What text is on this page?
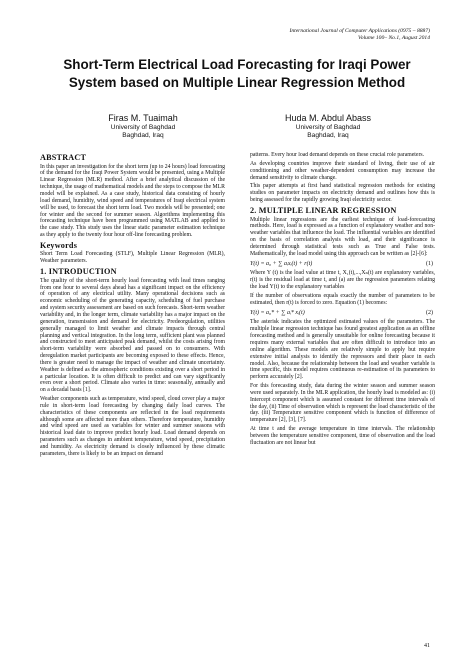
International Journal of Computer Applications (0975 – 8887)
Volume 100– No.1, August 2014
Short-Term Electrical Load Forecasting for Iraqi Power System based on Multiple Linear Regression Method
Firas M. Tuaimah
University of Baghdad
Baghdad, Iraq
Huda M. Abdul Abass
University of Baghdad
Baghdad, Iraq
ABSTRACT

In this paper an investigation for the short term (up to 24 hours) load forecasting of the demand for the Iraqi Power System would be presented, using a Multiple Linear Regression (MLR) method. After a brief analytical discussion of the technique, the usage of mathematical models and the steps to compose the MLR model will be explained. As a case study, historical data consisting of hourly load demand, humidity, wind speed and temperatures of Iraqi electrical system will be used, to forecast the short term load. Two models will be presented; one for winter and the second for summer season. Algorithms implementing this forecasting technique have been programmed using MATLAB and applied to the case study. This study uses the linear static parameter estimation technique as they apply to the twenty four hour off-line forecasting problem.

Keywords

Short Term Load Forecasting (STLF), Multiple Linear Regression (MLR), Weather parameters.

1. INTRODUCTION

The quality of the short-term hourly load forecasting with lead times ranging from one hour to several days ahead has a significant impact on the efficiency of operation of any electrical utility. Many operational decisions such as economic scheduling of the generating capacity, scheduling of fuel purchase and system security assessment are based on such forecasts. Short-term weather variability and, in the longer term, climate variability has a major impact on the generation, transmission and demand for electricity. Predeorgulation, utilities generally managed to limit weather and climate impacts through central planning and vertical integration. In the long term, sufficient plant was planned and constructed to meet anticipated peak demand, whilst the costs arising from short-term variability were absorbed and passed on to consumers. With deregulation market participants are becoming exposed to these effects. Hence, there is greater need to manage the impact of weather and climate uncertainty. Weather is defined as the atmospheric conditions existing over a short period in a particular location. It is often difficult to predict and can vary significantly even over a short period. Climate also varies in time: seasonally, annually and on a decadal basis [1].

Weather components such as temperature, wind speed, cloud cover play a major rule in short-term load forecasting by changing daily load curves. The characteristics of these components are reflected in the load requirements although some are affected more than others. Therefore temperature, humidity and wind speed are used as variables for winter and summer seasons with historical load date to improve predict hourly load. Load demand depends on parameters such as changes in ambient temperature, wind speed, precipitation and humidity. As electricity demand is closely influenced by these climatic parameters, there is likely to be an impact on demand

patterns. Every hour load demand depends on these crucial role parameters.

As developing countries improve their standard of living, their use of air conditioning and other weather-dependent consumption may increase the demand sensitivity to climate change.

This paper attempts at first hand statistical regression methods for existing studies on parameter impacts on electricity demand and outlines how this is being assessed for the rapidly growing Iraqi electricity sector.

2. MULTIPLE LINEAR REGRESSION

Multiple linear regressions are the earliest technique of load-forecasting methods. Here, load is expressed as a function of explanatory weather and non-weather variables that influence the load. The influential variables are identified on the basis of correlation analysis with load, and their significance is determined through statistical tests such as True and False tests. Mathematically, the load model using this approach can be written as [2]-[6]:

Y(t) = a₀ + ∑ aᵢxᵢ(t) + r(t)	(1)

Where Y (t) is the load value at time t, X₁(t),...,Xₙ(t) are explanatory variables, r(t) is the residual load at time t, and (a) are the regression parameters relating the load Y(t) to the explanatory variables

If the number of observations equals exactly the number of parameters to be estimated, then r(t) is forced to zero. Equation (1) becomes:

Y(t) = a₀* + ∑ aᵢ* xᵢ(t)	(2)

The asterisk indicates the optimized estimated values of the parameters. The multiple linear regression technique has found greatest application as an offline forecasting method and is generally unsuitable for online forecasting because it requires many external variables that are often difficult to introduce into an online algorithm. These models are relatively simple to apply but require extensive initial analysis to identify the repressors and their place in each model. Also, because the relationship between the load and weather variable is time specific, this model requires continuous re-estimation of its parameters to perform accurately [2].

For this forecasting study, data during the winter season and summer season were used separately. In the MLR application, the hourly load is modeled as: (i) Intercept component which is assumed constant for different time intervals of the day, (ii) Time of observation which is represent the load characteristic of the day. (iii) Temperature sensitive component which is function of difference of temperature [2], [3], [7].

At time t and the average temperature in time intervals. The relationship between the temperature sensitive component, time of observation and the load fluctuation are not linear but

41
